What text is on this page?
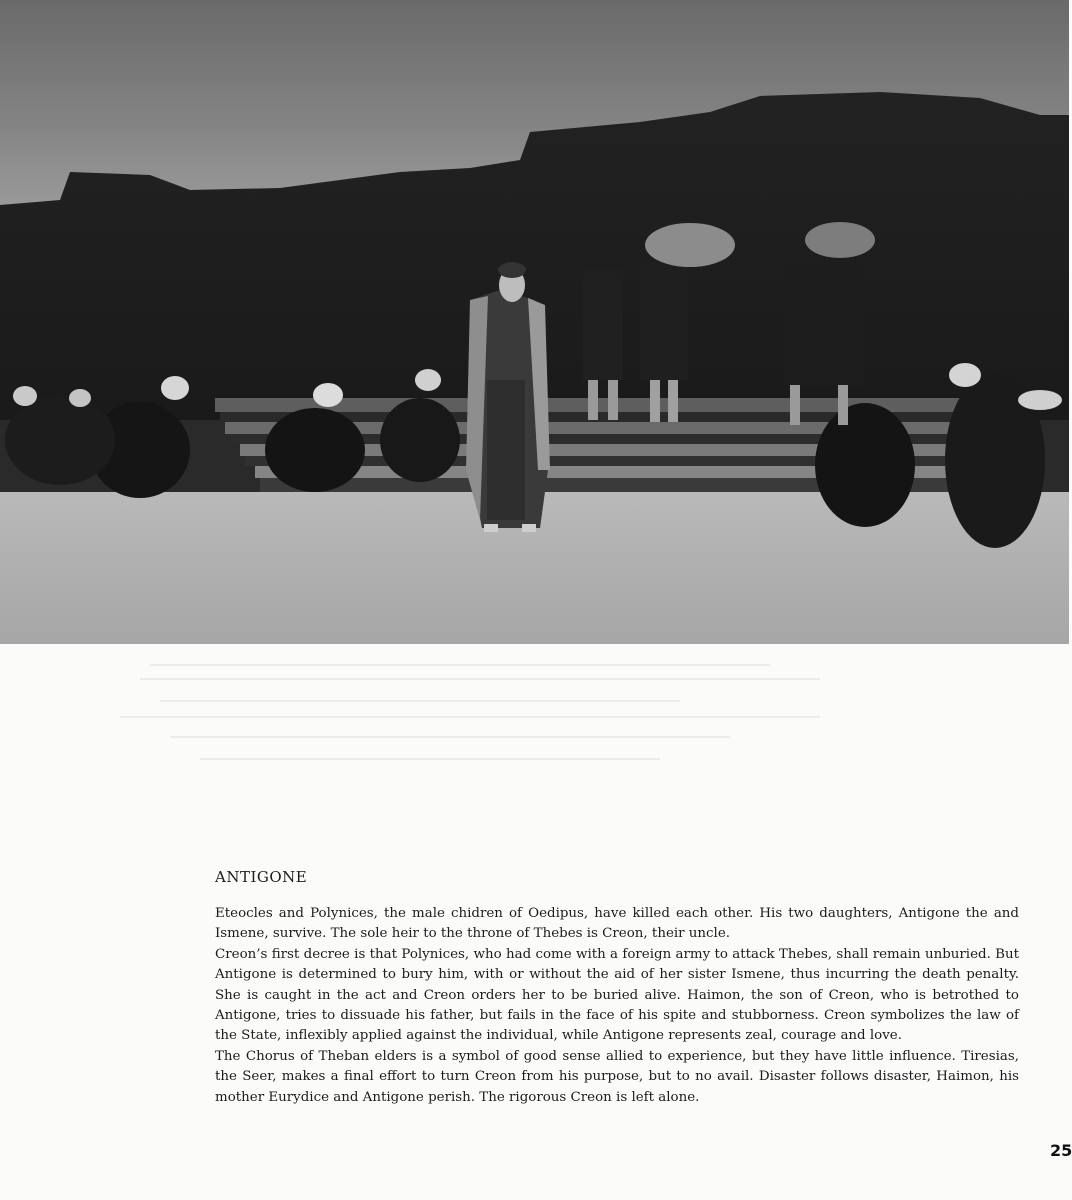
ANTIGONE

Eteocles and Polynices, the male chidren of Oedipus, have killed each other. His two daughters, Antigone the and Ismene, survive. The sole heir to the throne of Thebes is Creon, their uncle.

Creon’s first decree is that Polynices, who had come with a foreign army to attack Thebes, shall remain unburied. But Antigone is determined to bury him, with or without the aid of her sister Ismene, thus incurring the death penalty. She is caught in the act and Creon orders her to be buried alive. Haimon, the son of Creon, who is betrothed to Antigone, tries to dissuade his father, but fails in the face of his spite and stubborness. Creon symbolizes the law of the State, inflexibly applied against the individual, while Antigone represents zeal, courage and love.

The Chorus of Theban elders is a symbol of good sense allied to experience, but they have little influence. Tiresias, the Seer, makes a final effort to turn Creon from his purpose, but to no avail. Disaster follows disaster, Haimon, his mother Eurydice and Antigone perish. The rigorous Creon is left alone.

25
